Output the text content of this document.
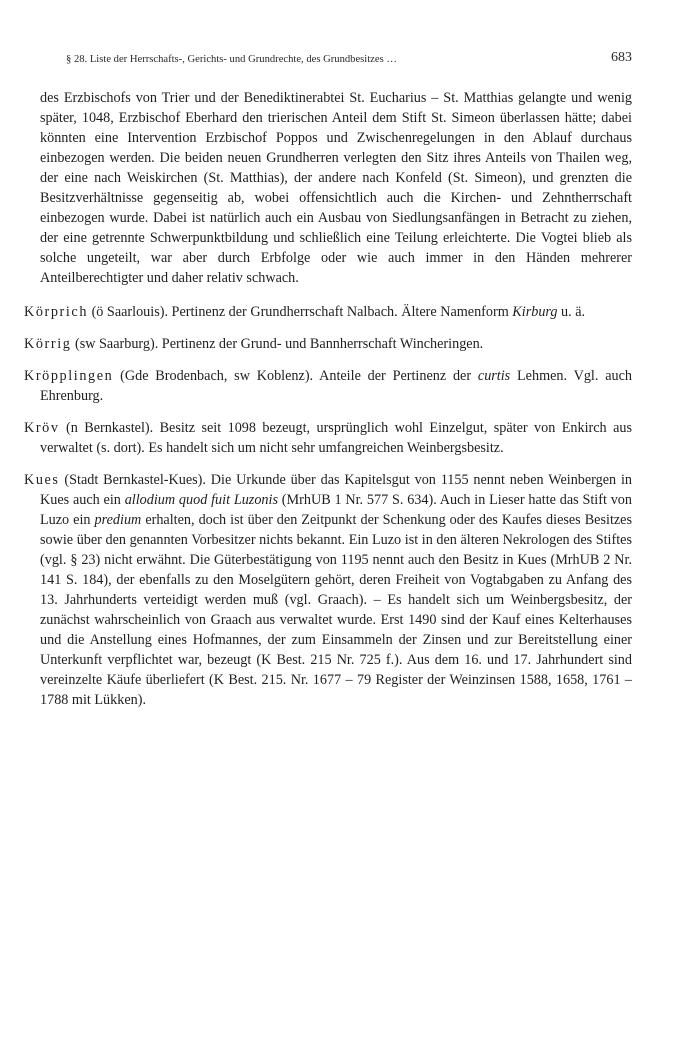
§ 28. Liste der Herrschafts-, Gerichts- und Grundrechte, des Grundbesitzes …	683

des Erzbischofs von Trier und der Benediktinerabtei St. Eucharius – St. Matthias gelangte und wenig später, 1048, Erzbischof Eberhard den trierischen Anteil dem Stift St. Simeon überlassen hätte; dabei könnten eine Intervention Erzbischof Poppos und Zwischenregelungen in den Ablauf durchaus einbezogen werden. Die beiden neuen Grundherren verlegten den Sitz ihres Anteils von Thailen weg, der eine nach Weiskirchen (St. Matthias), der andere nach Konfeld (St. Simeon), und grenzten die Besitzverhältnisse gegenseitig ab, wobei offensichtlich auch die Kirchen- und Zehntherrschaft einbezogen wurde. Dabei ist natürlich auch ein Ausbau von Siedlungsanfängen in Betracht zu ziehen, der eine getrennte Schwerpunktbildung und schließlich eine Teilung erleichterte. Die Vogtei blieb als solche ungeteilt, war aber durch Erbfolge oder wie auch immer in den Händen mehrerer Anteilberechtigter und daher relativ schwach.

Körprich (ö Saarlouis). Pertinenz der Grundherrschaft Nalbach. Ältere Namenform Kirburg u. ä.

Körrig (sw Saarburg). Pertinenz der Grund- und Bannherrschaft Wincheringen.

Kröpplingen (Gde Brodenbach, sw Koblenz). Anteile der Pertinenz der curtis Lehmen. Vgl. auch Ehrenburg.

Kröv (n Bernkastel). Besitz seit 1098 bezeugt, ursprünglich wohl Einzelgut, später von Enkirch aus verwaltet (s. dort). Es handelt sich um nicht sehr umfangreichen Weinbergsbesitz.

Kues (Stadt Bernkastel-Kues). Die Urkunde über das Kapitelsgut von 1155 nennt neben Weinbergen in Kues auch ein allodium quod fuit Luzonis (MrhUB 1 Nr. 577 S. 634). Auch in Lieser hatte das Stift von Luzo ein predium erhalten, doch ist über den Zeitpunkt der Schenkung oder des Kaufes dieses Besitzes sowie über den genannten Vorbesitzer nichts bekannt. Ein Luzo ist in den älteren Nekrologen des Stiftes (vgl. § 23) nicht erwähnt. Die Güterbestätigung von 1195 nennt auch den Besitz in Kues (MrhUB 2 Nr. 141 S. 184), der ebenfalls zu den Moselgütern gehört, deren Freiheit von Vogtabgaben zu Anfang des 13. Jahrhunderts verteidigt werden muß (vgl. Graach). – Es handelt sich um Weinbergsbesitz, der zunächst wahrscheinlich von Graach aus verwaltet wurde. Erst 1490 sind der Kauf eines Kelterhauses und die Anstellung eines Hofmannes, der zum Einsammeln der Zinsen und zur Bereitstellung einer Unterkunft verpflichtet war, bezeugt (K Best. 215 Nr. 725 f.). Aus dem 16. und 17. Jahrhundert sind vereinzelte Käufe überliefert (K Best. 215. Nr. 1677 – 79 Register der Weinzinsen 1588, 1658, 1761 – 1788 mit Lükken).
